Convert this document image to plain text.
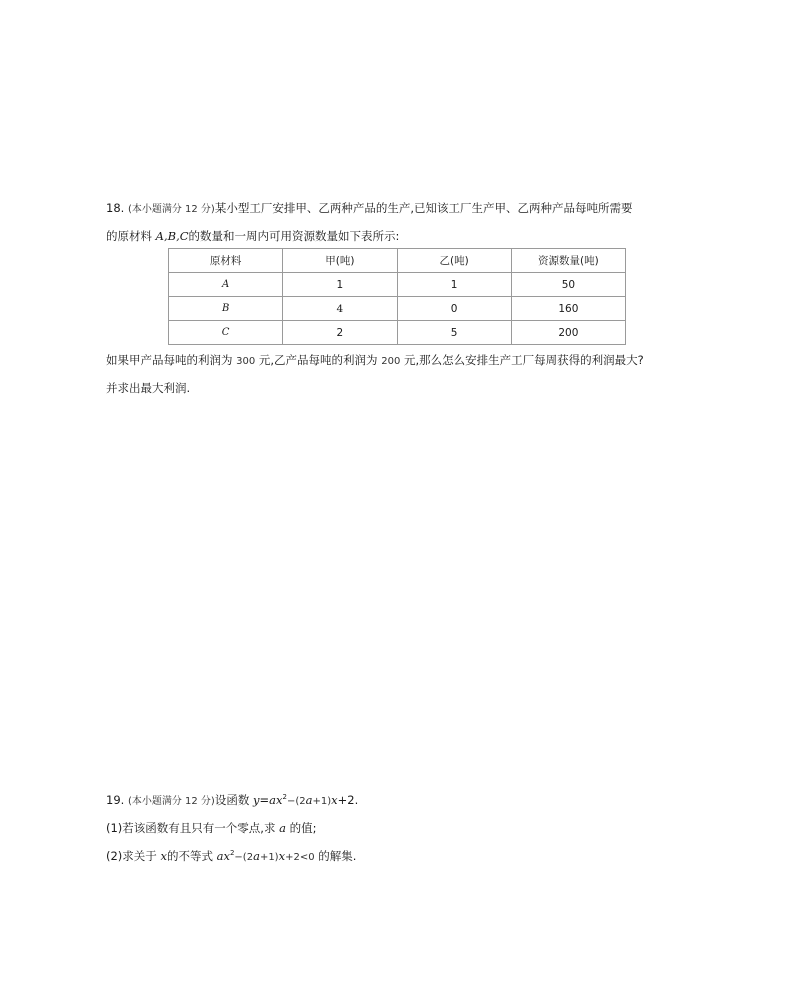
18. (本小题满分 12 分)某小型工厂安排甲、乙两种产品的生产,已知该工厂生产甲、乙两种产品每吨所需要
的原材料 A,B,C的数量和一周内可用资源数量如下表所示:
原材料	甲(吨)	乙(吨)	资源数量(吨)
A	1	1	50
B	4	0	160
C	2	5	200
如果甲产品每吨的利润为 300 元,乙产品每吨的利润为 200 元,那么怎么安排生产工厂每周获得的利润最大?
并求出最大利润.
19. (本小题满分 12 分)设函数 $y=ax^2-(2a+1)x+2$.
(1)若该函数有且只有一个零点,求 a 的值;
(2)求关于 x的不等式 $ax^2-(2a+1)x+2<0$ 的解集.
